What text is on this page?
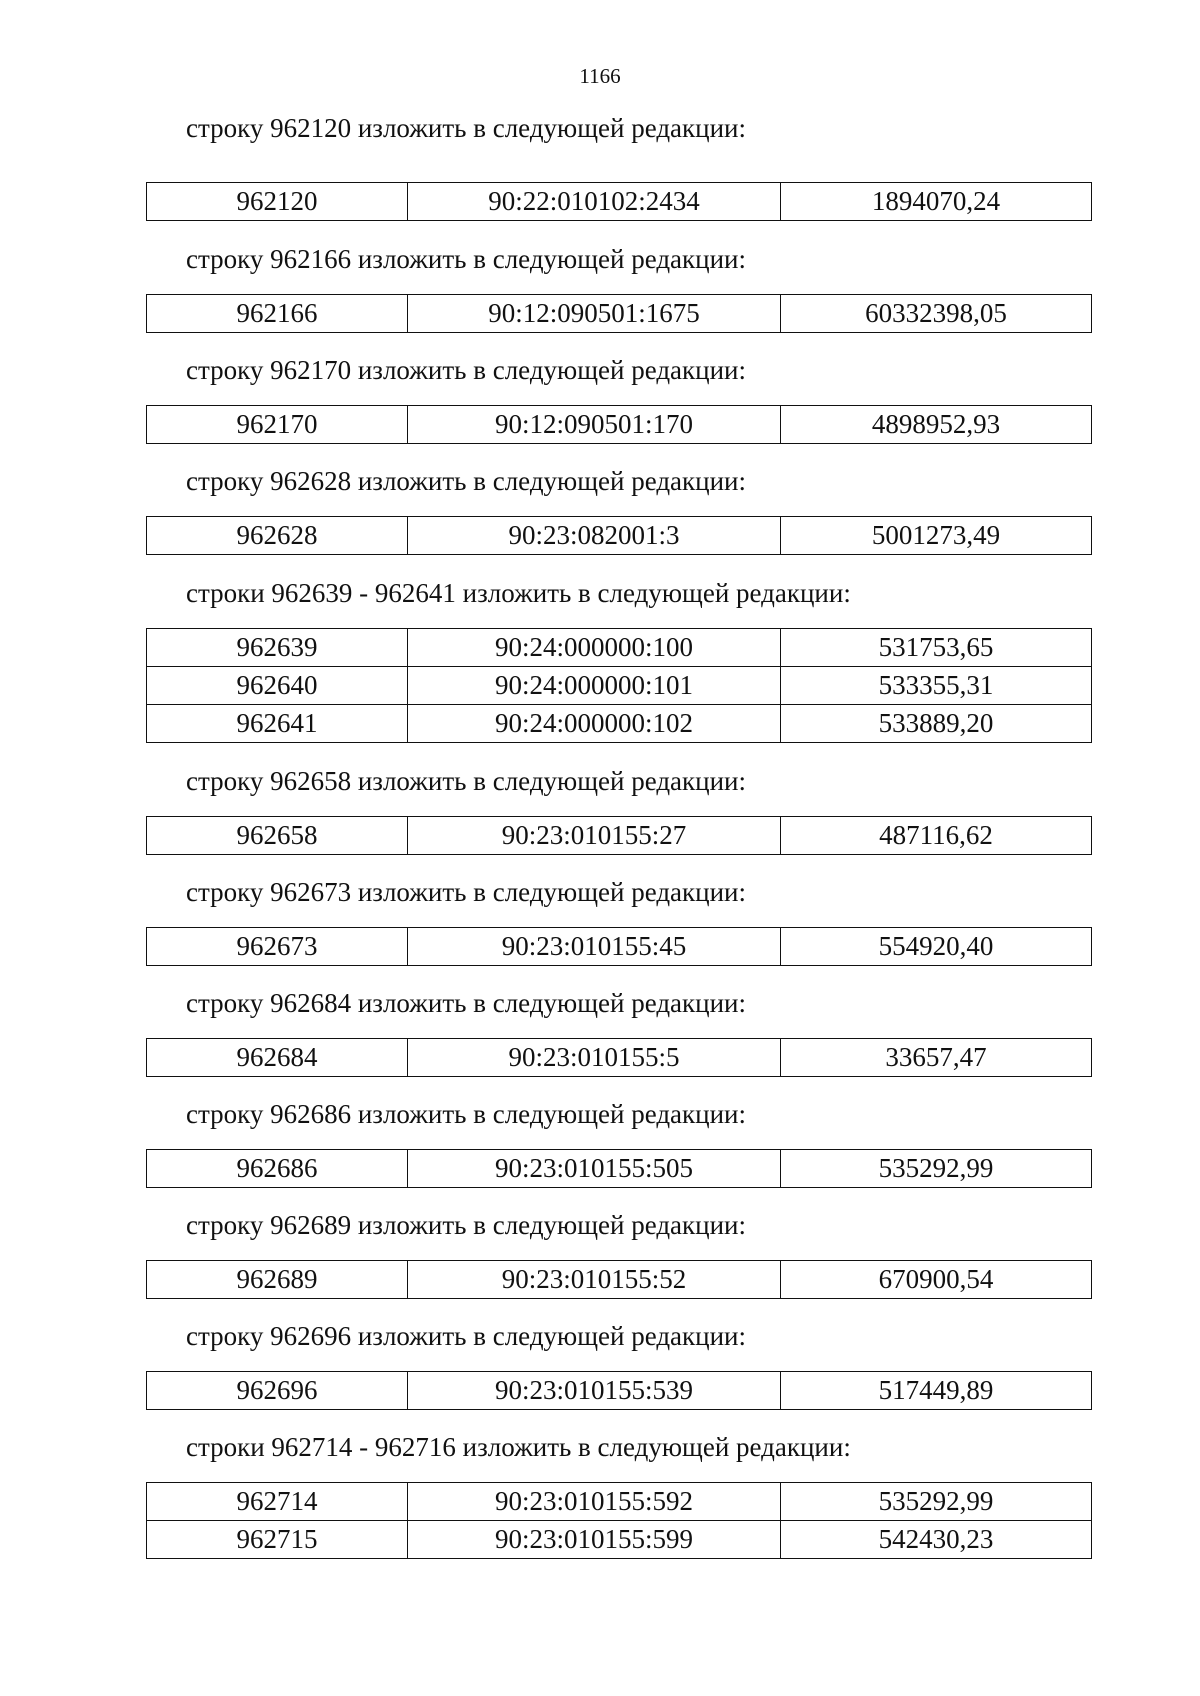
1166
строку 962120 изложить в следующей редакции:
962120	90:22:010102:2434	1894070,24
строку 962166 изложить в следующей редакции:
962166	90:12:090501:1675	60332398,05
строку 962170 изложить в следующей редакции:
962170	90:12:090501:170	4898952,93
строку 962628 изложить в следующей редакции:
962628	90:23:082001:3	5001273,49
строки 962639 - 962641 изложить в следующей редакции:
962639	90:24:000000:100	531753,65
962640	90:24:000000:101	533355,31
962641	90:24:000000:102	533889,20
строку 962658 изложить в следующей редакции:
962658	90:23:010155:27	487116,62
строку 962673 изложить в следующей редакции:
962673	90:23:010155:45	554920,40
строку 962684 изложить в следующей редакции:
962684	90:23:010155:5	33657,47
строку 962686 изложить в следующей редакции:
962686	90:23:010155:505	535292,99
строку 962689 изложить в следующей редакции:
962689	90:23:010155:52	670900,54
строку 962696 изложить в следующей редакции:
962696	90:23:010155:539	517449,89
строки 962714 - 962716 изложить в следующей редакции:
962714	90:23:010155:592	535292,99
962715	90:23:010155:599	542430,23
